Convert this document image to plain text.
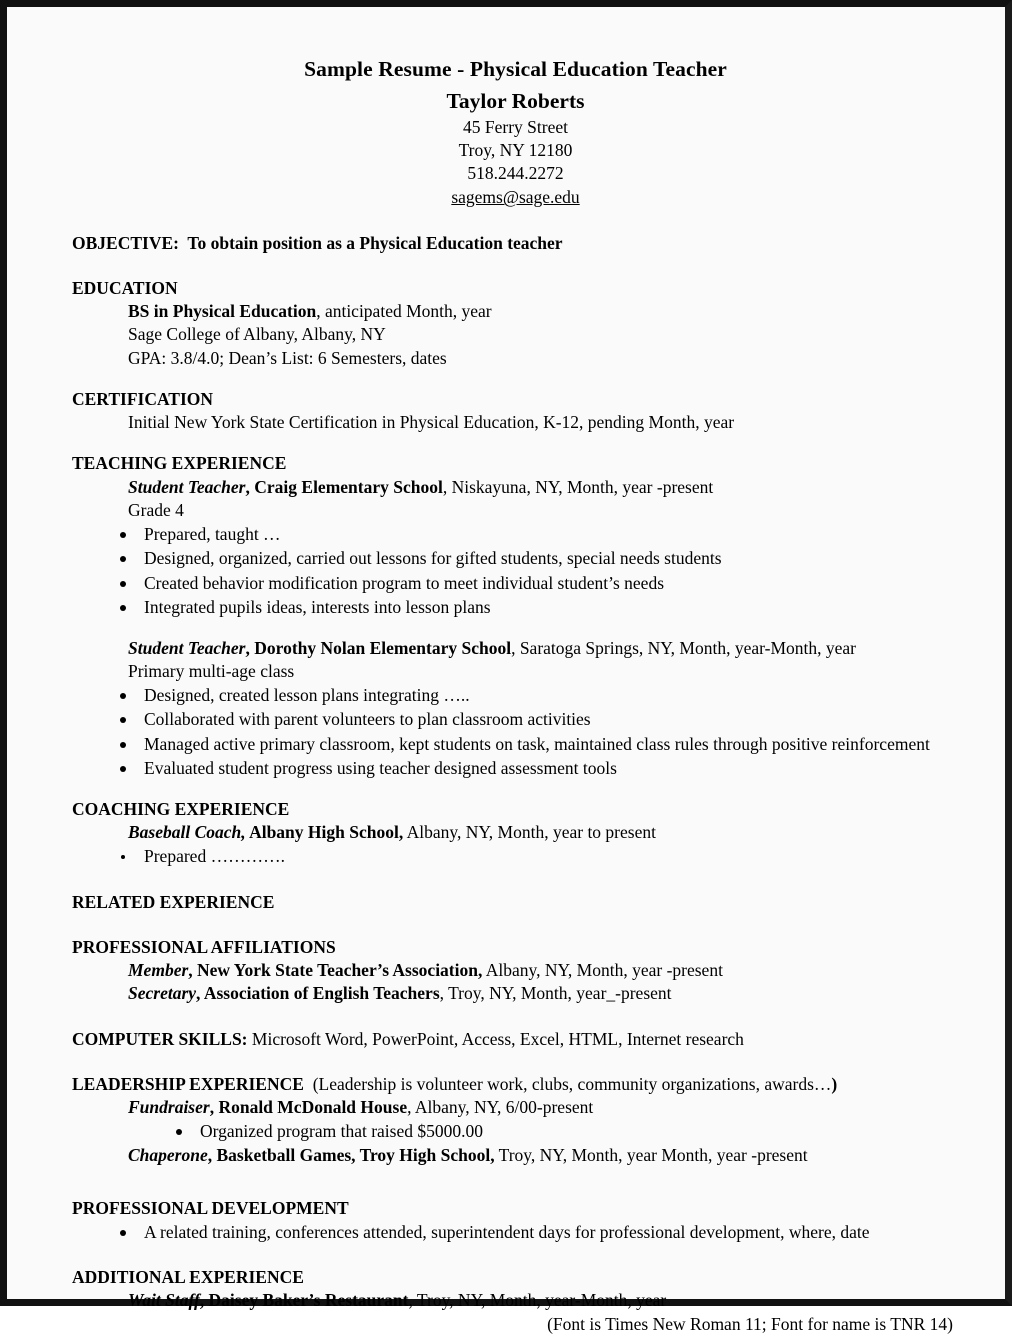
Sample Resume - Physical Education Teacher
Taylor Roberts
45 Ferry Street
Troy, NY 12180
518.244.2272
sagems@sage.edu
OBJECTIVE: To obtain position as a Physical Education teacher
EDUCATION
BS in Physical Education, anticipated Month, year
Sage College of Albany, Albany, NY
GPA: 3.8/4.0; Dean’s List: 6 Semesters, dates
CERTIFICATION
Initial New York State Certification in Physical Education, K-12, pending Month, year
TEACHING EXPERIENCE
Student Teacher, Craig Elementary School, Niskayuna, NY, Month, year -present
Grade 4
Prepared, taught …
Designed, organized, carried out lessons for gifted students, special needs students
Created behavior modification program to meet individual student’s needs
Integrated pupils ideas, interests into lesson plans
Student Teacher, Dorothy Nolan Elementary School, Saratoga Springs, NY, Month, year-Month, year
Primary multi-age class
Designed, created lesson plans integrating …..
Collaborated with parent volunteers to plan classroom activities
Managed active primary classroom, kept students on task, maintained class rules through positive reinforcement
Evaluated student progress using teacher designed assessment tools
COACHING EXPERIENCE
Baseball Coach, Albany High School, Albany, NY, Month, year to present
Prepared ………….
RELATED EXPERIENCE
PROFESSIONAL AFFILIATIONS
Member, New York State Teacher’s Association, Albany, NY, Month, year -present
Secretary, Association of English Teachers, Troy, NY, Month, year_-present
COMPUTER SKILLS: Microsoft Word, PowerPoint, Access, Excel, HTML, Internet research
LEADERSHIP EXPERIENCE (Leadership is volunteer work, clubs, community organizations, awards…)
Fundraiser, Ronald McDonald House, Albany, NY, 6/00-present
Organized program that raised $5000.00
Chaperone, Basketball Games, Troy High School, Troy, NY, Month, year Month, year -present
PROFESSIONAL DEVELOPMENT
A related training, conferences attended, superintendent days for professional development, where, date
ADDITIONAL EXPERIENCE
Wait Staff, Daisey Baker’s Restaurant, Troy, NY, Month, year-Month, year
(Font is Times New Roman 11; Font for name is TNR 14)
